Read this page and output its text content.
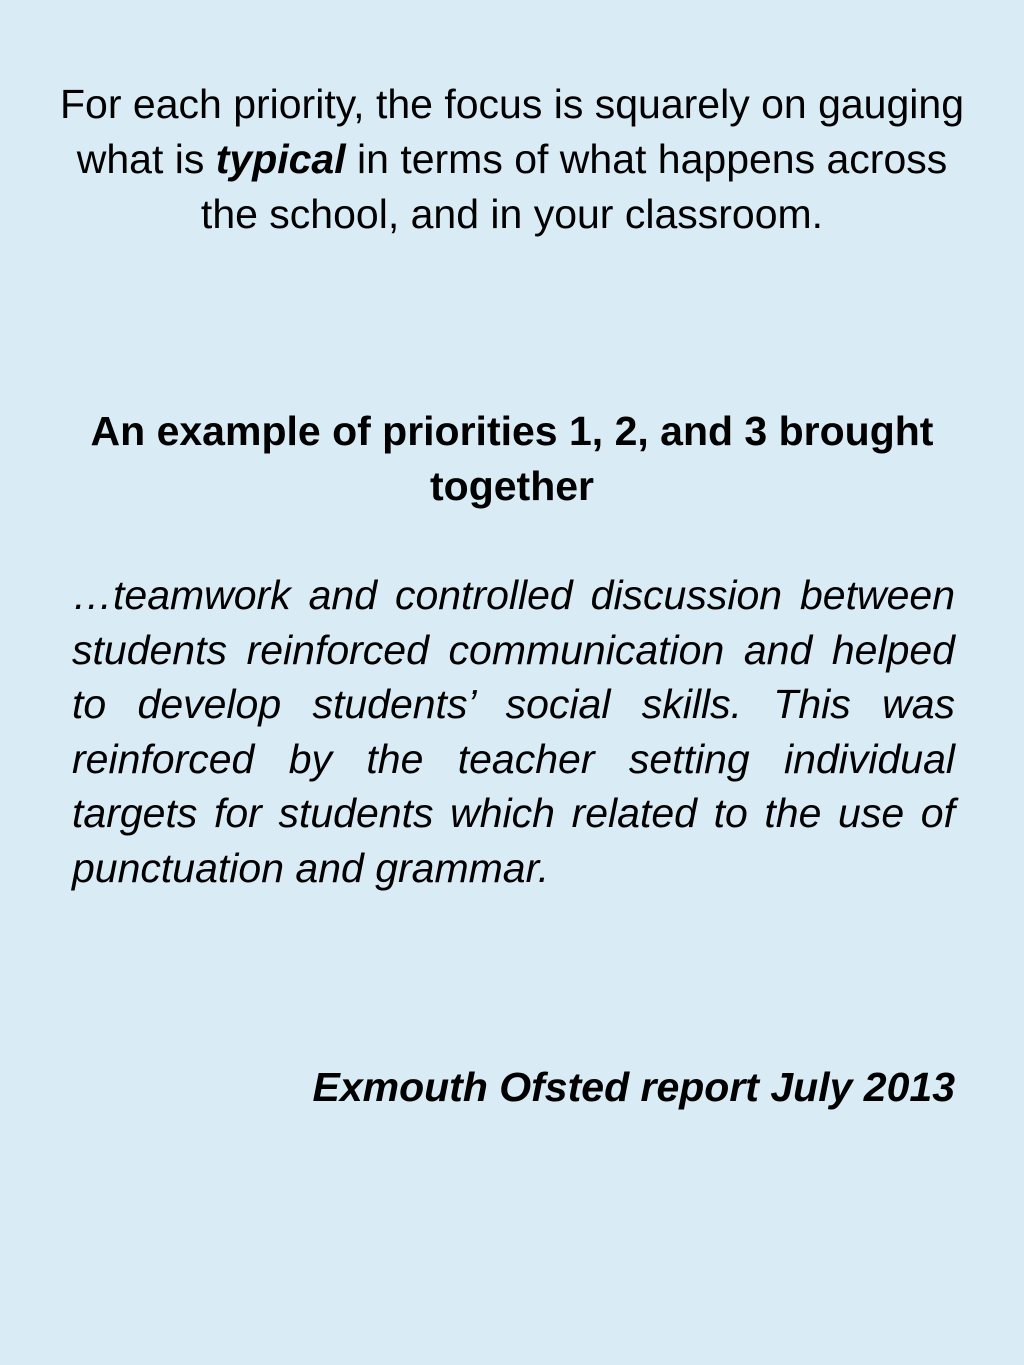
For each priority, the focus is squarely on gauging what is typical in terms of what happens across the school, and in your classroom.

An example of priorities 1, 2, and 3 brought together

…teamwork and controlled discussion between students reinforced communication and helped to develop students’ social skills. This was reinforced by the teacher setting individual targets for students which related to the use of punctuation and grammar.

Exmouth Ofsted report July 2013
